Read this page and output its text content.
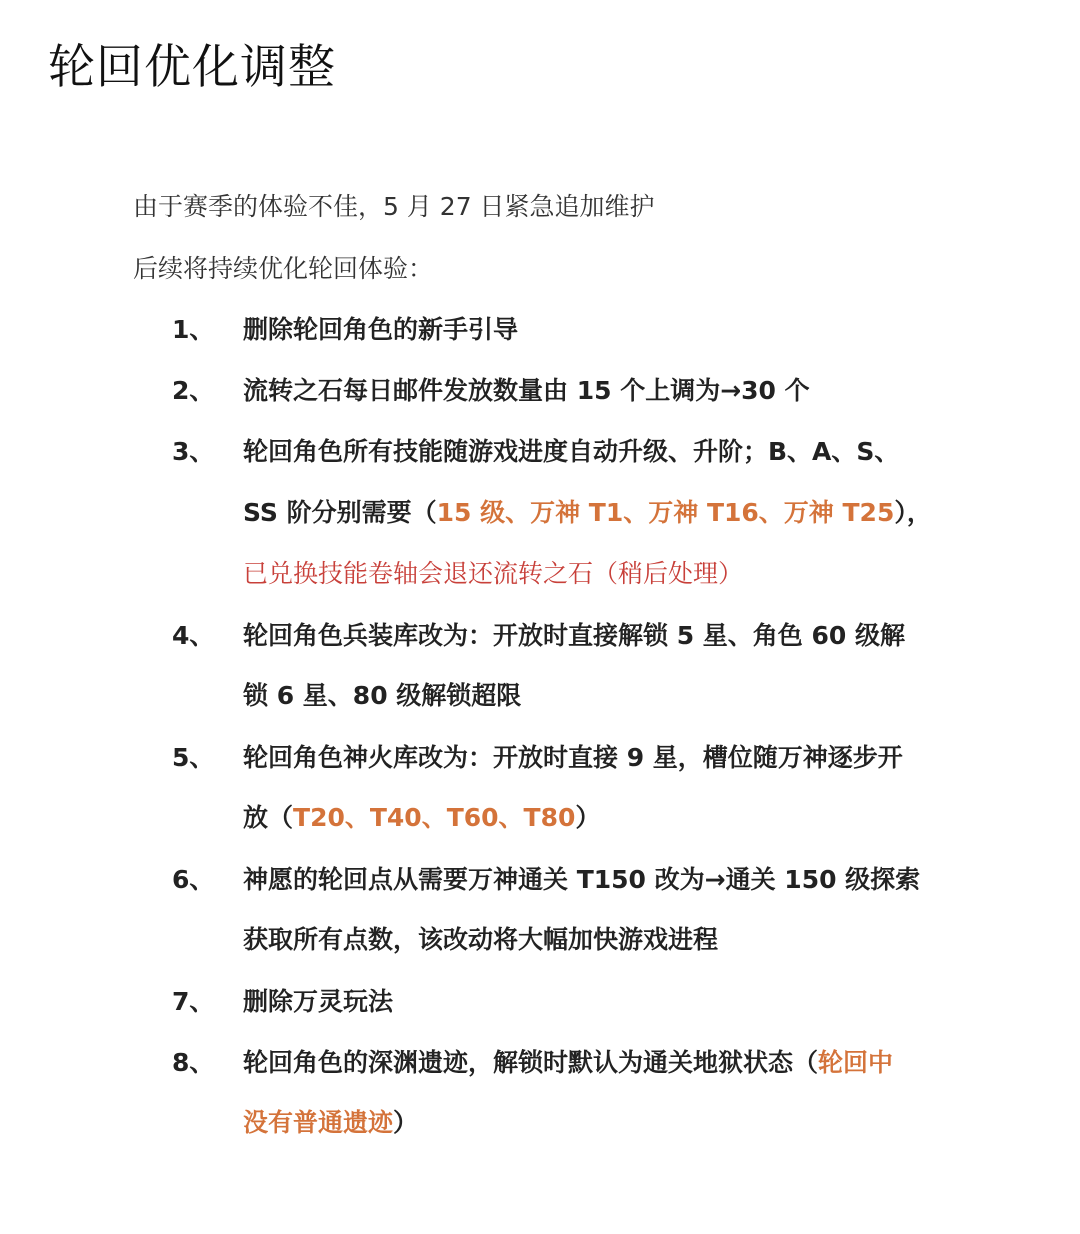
轮回优化调整
由于赛季的体验不佳，5 月 27 日紧急追加维护
后续将持续优化轮回体验：
1、 删除轮回角色的新手引导
2、 流转之石每日邮件发放数量由 15 个上调为→30 个
3、 轮回角色所有技能随游戏进度自动升级、升阶；B、A、S、
SS 阶分别需要（15 级、万神 T1、万神 T16、万神 T25），
已兑换技能卷轴会退还流转之石（稍后处理）
4、 轮回角色兵装库改为：开放时直接解锁 5 星、角色 60 级解
锁 6 星、80 级解锁超限
5、 轮回角色神火库改为：开放时直接 9 星，槽位随万神逐步开
放（T20、T40、T60、T80）
6、 神愿的轮回点从需要万神通关 T150 改为→通关 150 级探索
获取所有点数，该改动将大幅加快游戏进程
7、 删除万灵玩法
8、 轮回角色的深渊遗迹，解锁时默认为通关地狱状态（轮回中
没有普通遗迹）
